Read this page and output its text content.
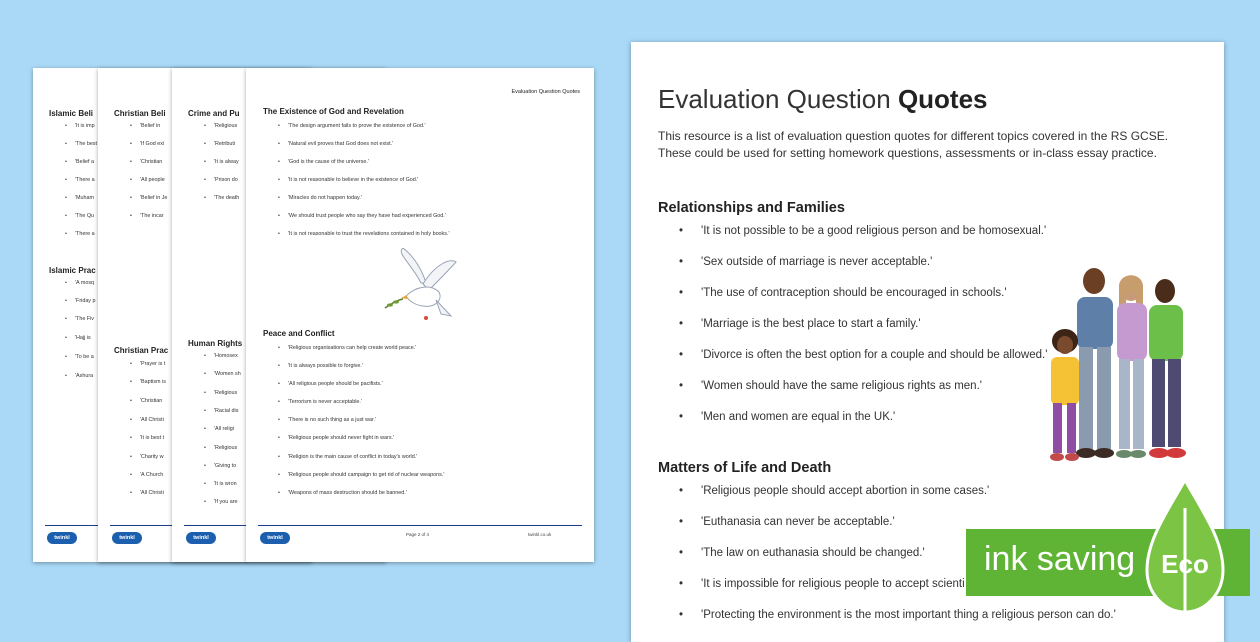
Islamic Beli
• 'It is imp
• 'The best
• 'Belief a
• 'There a
• 'Muham
• 'The Qu
• 'There a
Islamic Prac
• 'A mosq
• 'Friday p
• 'The Fiv
• 'Hajj is
• 'To be a
• 'Ashura
twinkl
Christian Beli
• 'Belief in
• 'If God exi
• 'Christian
• 'All people
• 'Belief in Je
• 'The incar
Christian Prac
• 'Prayer is t
• 'Baptism is
• 'Christian
• 'All Christi
• 'It is best t
• 'Charity w
• 'A Church
• 'All Christi
twinkl
Crime and Pu
• 'Religious
• 'Retributi
• 'It is alway
• 'Prison do
• 'The death
Human Rights
• 'Homosex
• 'Women sh
• 'Religious
• 'Racial dis
• 'All religi
• 'Religious
• 'Giving to
• 'It is wron
• 'If you are
twinkl
Evaluation Question Quotes
The Existence of God and Revelation
• 'The design argument fails to prove the existence of God.'
• 'Natural evil proves that God does not exist.'
• 'God is the cause of the universe.'
• 'It is not reasonable to believe in the existence of God.'
• 'Miracles do not happen today.'
• 'We should trust people who say they have had experienced God.'
• 'It is not reasonable to trust the revelations contained in holy books.'
Peace and Conflict
• 'Religious organisations can help create world peace.'
• 'It is always possible to forgive.'
• 'All religious people should be pacifists.'
• 'Terrorism is never acceptable.'
• 'There is no such thing as a just war.'
• 'Religious people should never fight in wars.'
• 'Religion is the main cause of conflict in today's world.'
• 'Religious people should campaign to get rid of nuclear weapons.'
• 'Weapons of mass destruction should be banned.'
twinkl
Page 2 of 4	twinkl.co.uk
Evaluation Question Quotes
This resource is a list of evaluation question quotes for different topics covered in the RS GCSE. These could be used for setting homework questions, assessments or in-class essay practice.
Relationships and Families
• 'It is not possible to be a good religious person and be homosexual.'
• 'Sex outside of marriage is never acceptable.'
• 'The use of contraception should be encouraged in schools.'
• 'Marriage is the best place to start a family.'
• 'Divorce is often the best option for a couple and should be allowed.'
• 'Women should have the same religious rights as men.'
• 'Men and women are equal in the UK.'
Matters of Life and Death
• 'Religious people should accept abortion in some cases.'
• 'Euthanasia can never be acceptable.'
• 'The law on euthanasia should be changed.'
• 'It is impossible for religious people to accept scienti
• 'Protecting the environment is the most important thing a religious person can do.'
ink saving Eco
